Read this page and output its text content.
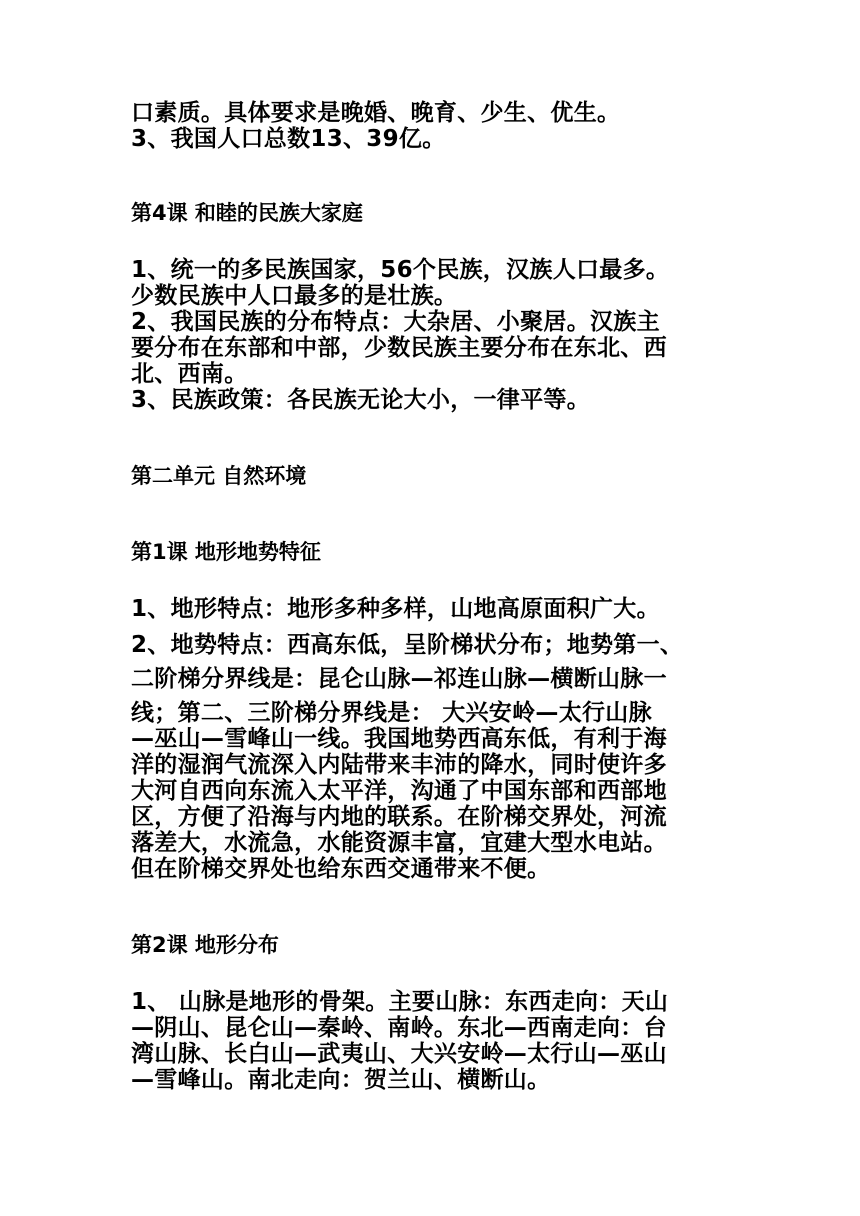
口素质。具体要求是晚婚、晚育、少生、优生。
3、我国人口总数13、39亿。
第4课 和睦的民族大家庭
1、统一的多民族国家，56个民族，汉族人口最多。
少数民族中人口最多的是壮族。
2、我国民族的分布特点：大杂居、小聚居。汉族主
要分布在东部和中部，少数民族主要分布在东北、西
北、西南。
3、民族政策：各民族无论大小，一律平等。
第二单元 自然环境
第1课 地形地势特征
1、地形特点：地形多种多样，山地高原面积广大。
2、地势特点：西高东低，呈阶梯状分布；地势第一、
二阶梯分界线是：昆仑山脉—祁连山脉—横断山脉一
线；第二、三阶梯分界线是： 大兴安岭—太行山脉
—巫山—雪峰山一线。我国地势西高东低，有利于海
洋的湿润气流深入内陆带来丰沛的降水，同时使许多
大河自西向东流入太平洋，沟通了中国东部和西部地
区，方便了沿海与内地的联系。在阶梯交界处，河流
落差大，水流急，水能资源丰富，宜建大型水电站。
但在阶梯交界处也给东西交通带来不便。
第2课 地形分布
1、 山脉是地形的骨架。主要山脉：东西走向：天山
—阴山、昆仑山—秦岭、南岭。东北—西南走向：台
湾山脉、长白山—武夷山、大兴安岭—太行山—巫山
—雪峰山。南北走向：贺兰山、横断山。
